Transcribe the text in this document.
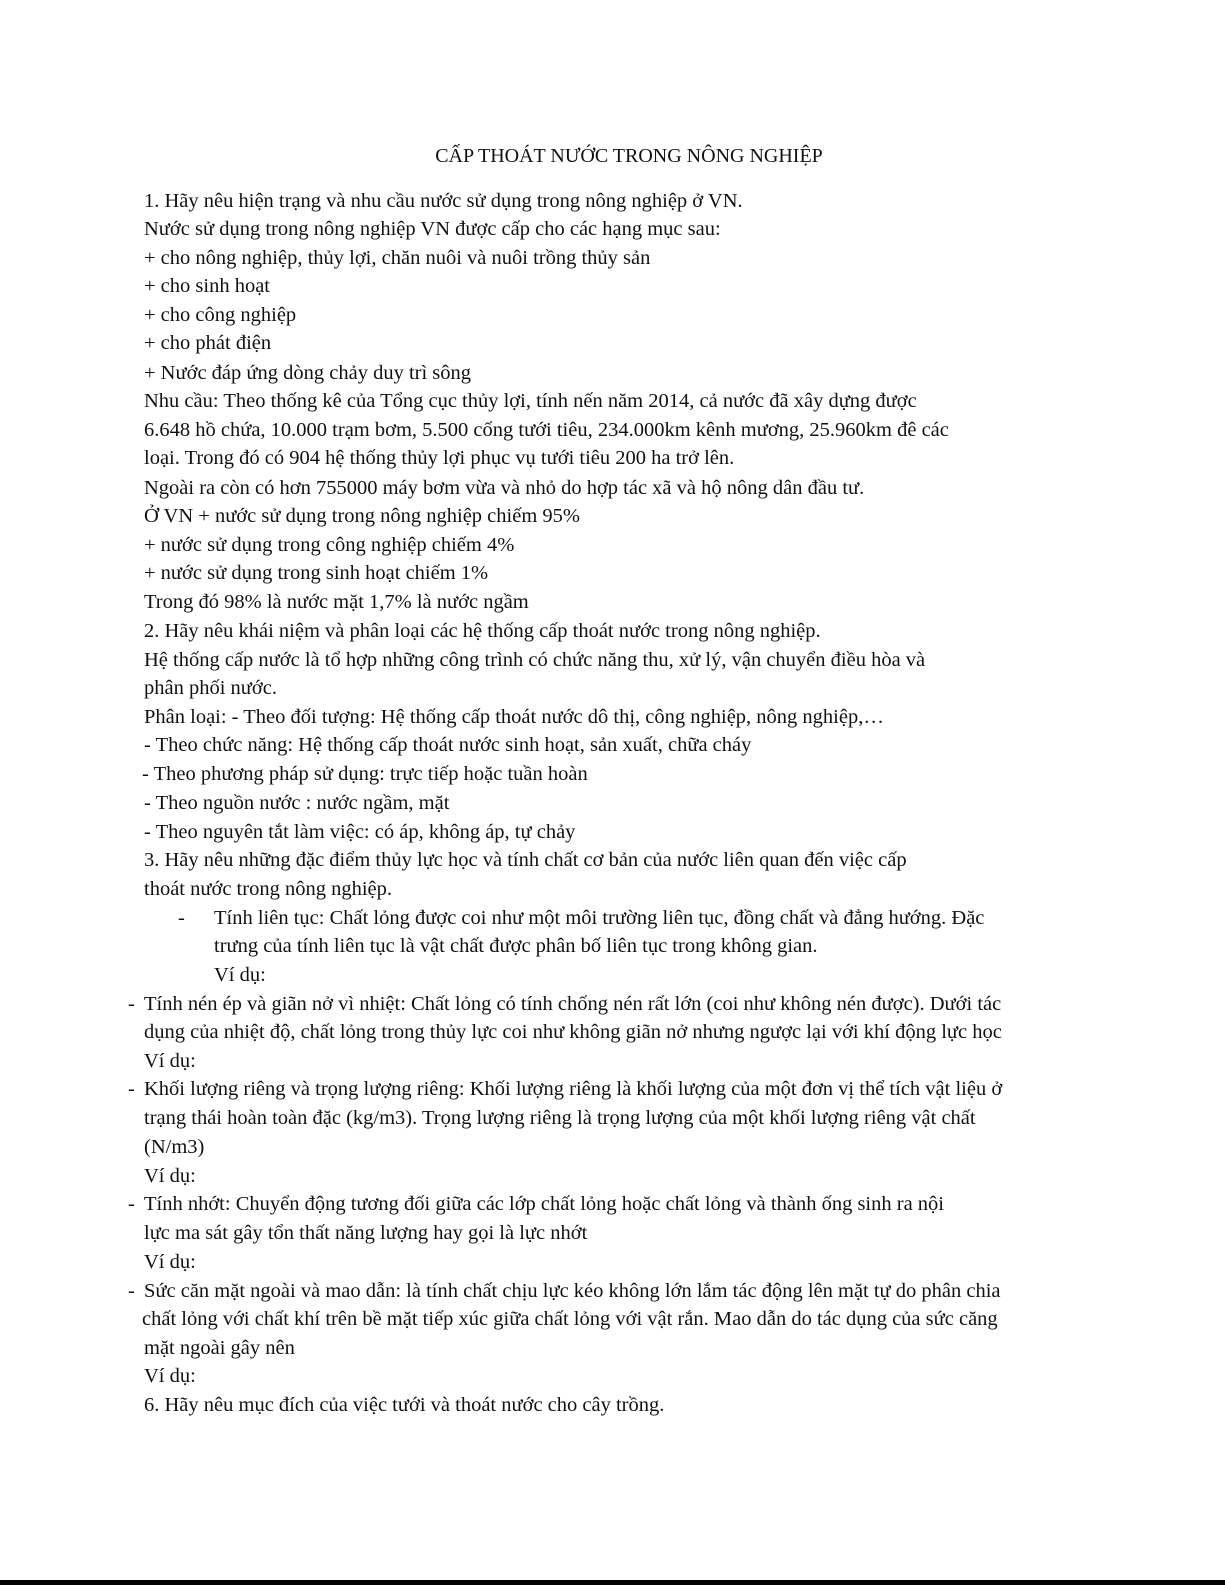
CẤP THOÁT NƯỚC TRONG NÔNG NGHIỆP
1. Hãy nêu hiện trạng và nhu cầu nước sử dụng trong nông nghiệp ở VN.
Nước sử dụng trong nông nghiệp VN được cấp cho các hạng mục sau:
+ cho nông nghiệp, thủy lợi, chăn nuôi và nuôi trồng thủy sản
+ cho sinh hoạt
+ cho công nghiệp
+ cho phát điện
+ Nước đáp ứng dòng chảy duy trì sông
Nhu cầu: Theo thống kê của Tổng cục thủy lợi, tính nến năm 2014, cả nước đã xây dựng được
6.648 hồ chứa, 10.000 trạm bơm, 5.500 cống tưới tiêu, 234.000km kênh mương, 25.960km đê các
loại. Trong đó có 904 hệ thống thủy lợi phục vụ tưới tiêu 200 ha trở lên.
Ngoài ra còn có hơn 755000 máy bơm vừa và nhỏ do hợp tác xã và hộ nông dân đầu tư.
Ở VN + nước sử dụng trong nông nghiệp chiếm 95%
+ nước sử dụng trong công nghiệp chiếm 4%
+ nước sử dụng trong sinh hoạt chiếm 1%
Trong đó 98% là nước mặt 1,7% là nước ngầm
2. Hãy nêu khái niệm và phân loại các hệ thống cấp thoát nước trong nông nghiệp.
Hệ thống cấp nước là tổ hợp những công trình có chức năng thu, xử lý, vận chuyển điều hòa và
phân phối nước.
Phân loại: - Theo đối tượng: Hệ thống cấp thoát nước dô thị, công nghiệp, nông nghiệp,…
- Theo chức năng: Hệ thống cấp thoát nước sinh hoạt, sản xuất, chữa cháy
- Theo phương pháp sử dụng: trực tiếp hoặc tuần hoàn
- Theo nguồn nước : nước ngầm, mặt
- Theo nguyên tắt làm việc: có áp, không áp, tự chảy
3. Hãy nêu những đặc điểm thủy lực học và tính chất cơ bản của nước liên quan đến việc cấp
thoát nước trong nông nghiệp.
- Tính liên tục: Chất lỏng được coi như một môi trường liên tục, đồng chất và đẳng hướng. Đặc
trưng của tính liên tục là vật chất được phân bố liên tục trong không gian.
Ví dụ:
- Tính nén ép và giãn nở vì nhiệt: Chất lỏng có tính chống nén rất lớn (coi như không nén được). Dưới tác
dụng của nhiệt độ, chất lỏng trong thủy lực coi như không giãn nở nhưng ngược lại với khí động lực học
Ví dụ:
- Khối lượng riêng và trọng lượng riêng: Khối lượng riêng là khối lượng của một đơn vị thể tích vật liệu ở
trạng thái hoàn toàn đặc (kg/m3). Trọng lượng riêng là trọng lượng của một khối lượng riêng vật chất
(N/m3)
Ví dụ:
- Tính nhớt: Chuyển động tương đối giữa các lớp chất lỏng hoặc chất lỏng và thành ống sinh ra nội
lực ma sát gây tổn thất năng lượng hay gọi là lực nhớt
Ví dụ:
- Sức căn mặt ngoài và mao dẫn: là tính chất chịu lực kéo không lớn lắm tác động lên mặt tự do phân chia
chất lỏng với chất khí trên bề mặt tiếp xúc giữa chất lỏng với vật rắn. Mao dẫn do tác dụng của sức căng
mặt ngoài gây nên
Ví dụ:
6. Hãy nêu mục đích của việc tưới và thoát nước cho cây trồng.
